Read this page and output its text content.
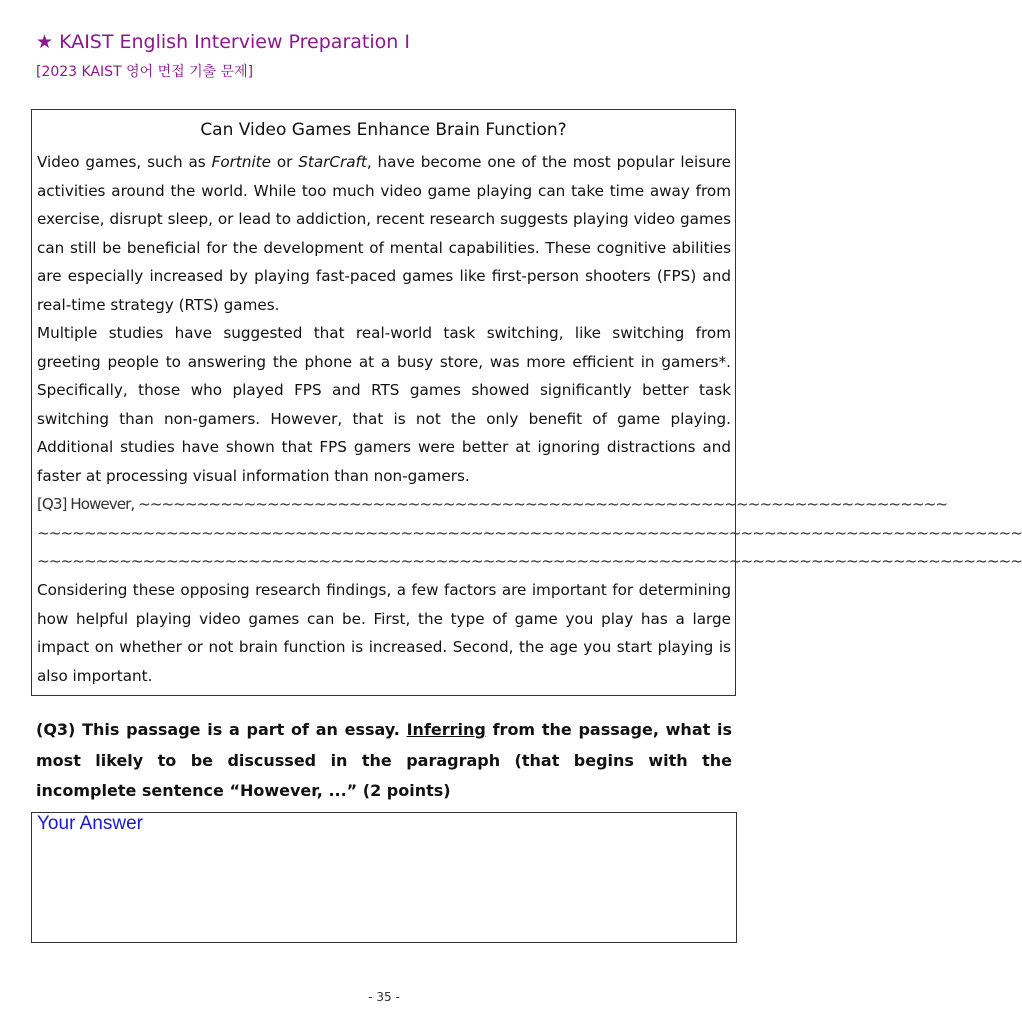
★ KAIST English Interview Preparation I
[2023 KAIST 영어 면접 기출 문제]
Can Video Games Enhance Brain Function?
Video games, such as Fortnite or StarCraft, have become one of the most popular leisure activities around the world. While too much video game playing can take time away from exercise, disrupt sleep, or lead to addiction, recent research suggests playing video games can still be beneficial for the development of mental capabilities. These cognitive abilities are especially increased by playing fast-paced games like first-person shooters (FPS) and real-time strategy (RTS) games.
Multiple studies have suggested that real-world task switching, like switching from greeting people to answering the phone at a busy store, was more efficient in gamers*. Specifically, those who played FPS and RTS games showed significantly better task switching than non-gamers. However, that is not the only benefit of game playing. Additional studies have shown that FPS gamers were better at ignoring distractions and faster at processing visual information than non-gamers.
[Q3] However, ~~~~~~~~~~~~~~~~~~~~~~~~~~~~~~~~~~~~~~~~~~~~~~~~~~~~~~~~~~~~~~~~~~~~~
~~~~~~~~~~~~~~~~~~~~~~~~~~~~~~~~~~~~~~~~~~~~~~~~~~~~~~~~~~~~~~~~~~~~~~~~~~~~~~~~~~~~
~~~~~~~~~~~~~~~~~~~~~~~~~~~~~~~~~~~~~~~~~~~~~~~~~~~~~~~~~~~~~~~~~~~~~~~~~~~~~~~~~~~~
Considering these opposing research findings, a few factors are important for determining how helpful playing video games can be. First, the type of game you play has a large impact on whether or not brain function is increased. Second, the age you start playing is also important.
(Q3) This passage is a part of an essay. Inferring from the passage, what is most likely to be discussed in the paragraph (that begins with the incomplete sentence “However, ...” (2 points)
Your Answer
- 35 -
